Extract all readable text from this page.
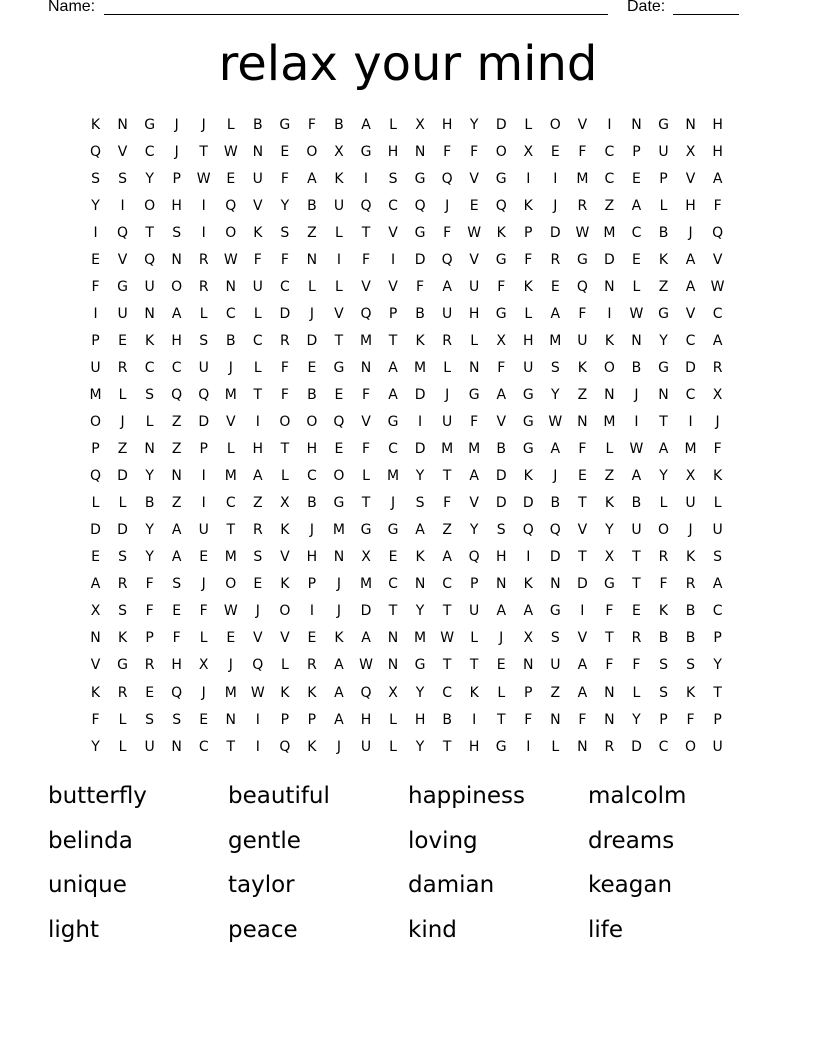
Name:	Date:
relax your mind
K	N	G	J	J	L	B	G	F	B	A	L	X	H	Y	D	L	O	V	I	N	G	N	H
Q	V	C	J	T	W	N	E	O	X	G	H	N	F	F	O	X	E	F	C	P	U	X	H
S	S	Y	P	W	E	U	F	A	K	I	S	G	Q	V	G	I	I	M	C	E	P	V	A
Y	I	O	H	I	Q	V	Y	B	U	Q	C	Q	J	E	Q	K	J	R	Z	A	L	H	F
I	Q	T	S	I	O	K	S	Z	L	T	V	G	F	W	K	P	D	W	M	C	B	J	Q
E	V	Q	N	R	W	F	F	N	I	F	I	D	Q	V	G	F	R	G	D	E	K	A	V
F	G	U	O	R	N	U	C	L	L	V	V	F	A	U	F	K	E	Q	N	L	Z	A	W
I	U	N	A	L	C	L	D	J	V	Q	P	B	U	H	G	L	A	F	I	W	G	V	C
P	E	K	H	S	B	C	R	D	T	M	T	K	R	L	X	H	M	U	K	N	Y	C	A
U	R	C	C	U	J	L	F	E	G	N	A	M	L	N	F	U	S	K	O	B	G	D	R
M	L	S	Q	Q	M	T	F	B	E	F	A	D	J	G	A	G	Y	Z	N	J	N	C	X
O	J	L	Z	D	V	I	O	O	Q	V	G	I	U	F	V	G	W	N	M	I	T	I	J
P	Z	N	Z	P	L	H	T	H	E	F	C	D	M	M	B	G	A	F	L	W	A	M	F
Q	D	Y	N	I	M	A	L	C	O	L	M	Y	T	A	D	K	J	E	Z	A	Y	X	K
L	L	B	Z	I	C	Z	X	B	G	T	J	S	F	V	D	D	B	T	K	B	L	U	L
D	D	Y	A	U	T	R	K	J	M	G	G	A	Z	Y	S	Q	Q	V	Y	U	O	J	U
E	S	Y	A	E	M	S	V	H	N	X	E	K	A	Q	H	I	D	T	X	T	R	K	S
A	R	F	S	J	O	E	K	P	J	M	C	N	C	P	N	K	N	D	G	T	F	R	A
X	S	F	E	F	W	J	O	I	J	D	T	Y	T	U	A	A	G	I	F	E	K	B	C
N	K	P	F	L	E	V	V	E	K	A	N	M	W	L	J	X	S	V	T	R	B	B	P
V	G	R	H	X	J	Q	L	R	A	W	N	G	T	T	E	N	U	A	F	F	S	S	Y
K	R	E	Q	J	M	W	K	K	A	Q	X	Y	C	K	L	P	Z	A	N	L	S	K	T
F	L	S	S	E	N	I	P	P	A	H	L	H	B	I	T	F	N	F	N	Y	P	F	P
Y	L	U	N	C	T	I	Q	K	J	U	L	Y	T	H	G	I	L	N	R	D	C	O	U
butterfly	beautiful	happiness	malcolm
belinda	gentle	loving	dreams
unique	taylor	damian	keagan
light	peace	kind	life
